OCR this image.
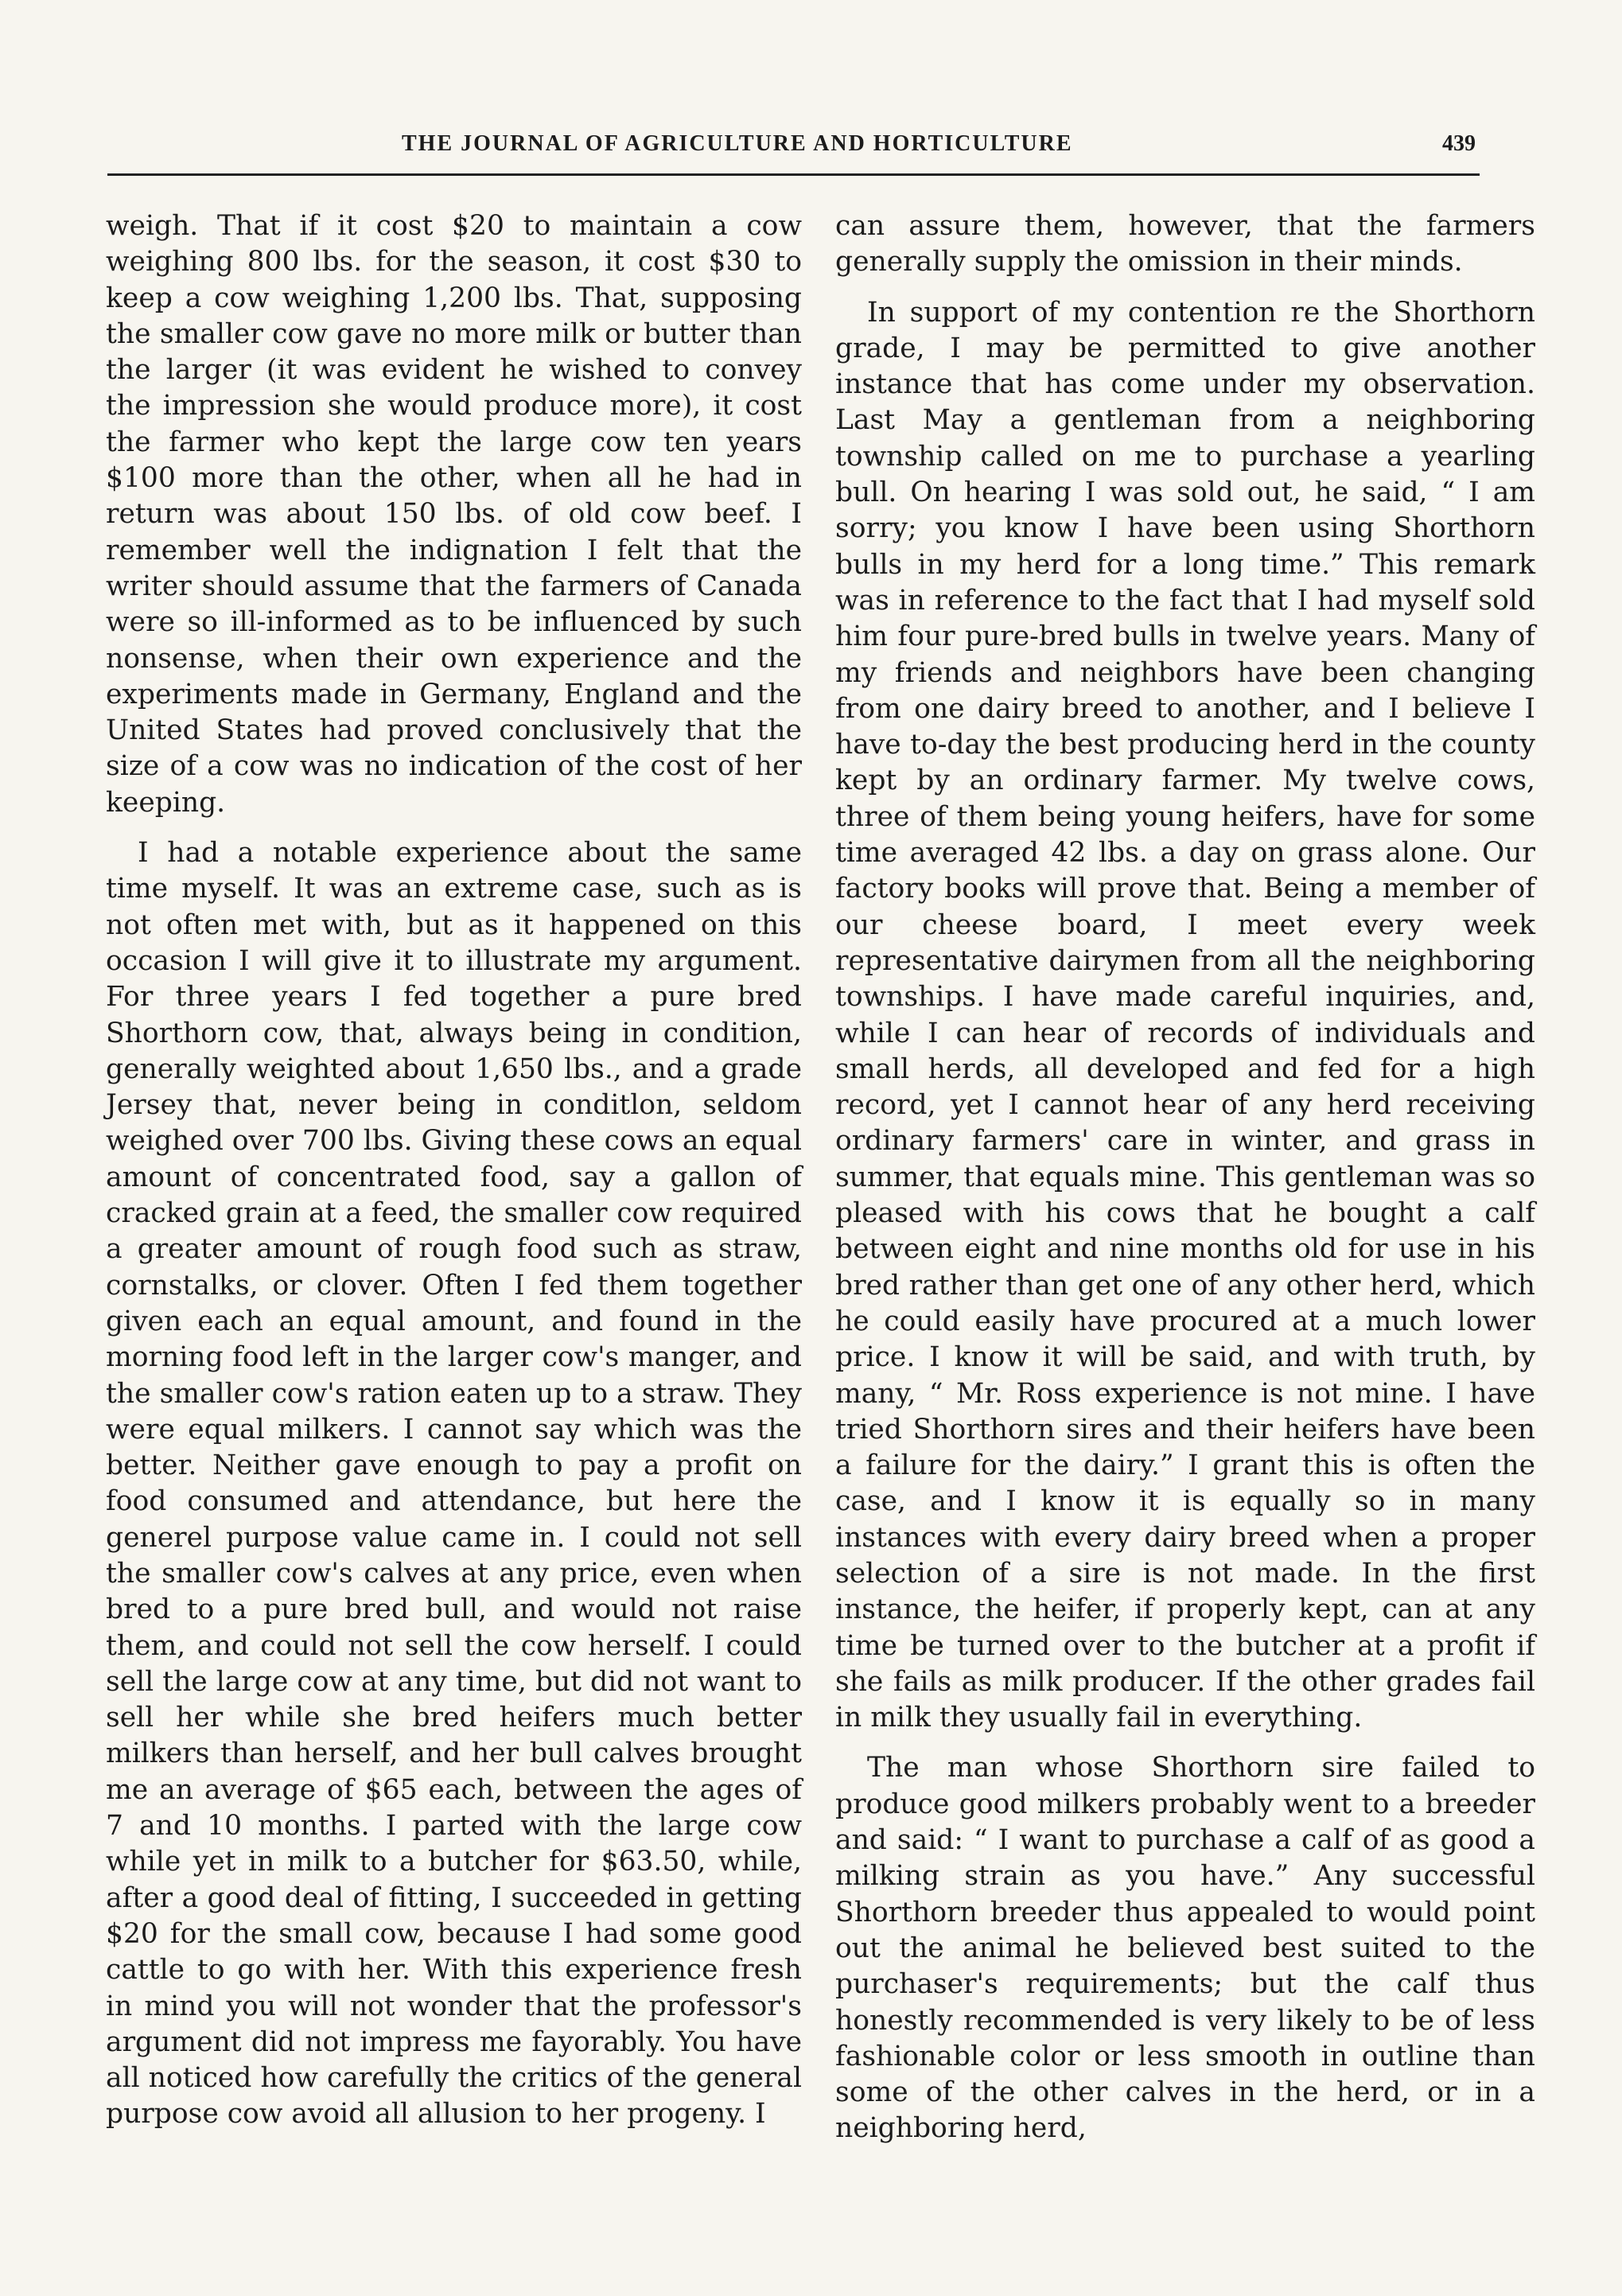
THE JOURNAL OF AGRICULTURE AND HORTICULTURE	439

weigh. That if it cost $20 to maintain a cow weighing 800 lbs. for the season, it cost $30 to keep a cow weighing 1,200 lbs. That, supposing the smaller cow gave no more milk or butter than the larger (it was evident he wished to convey the impression she would produce more), it cost the farmer who kept the large cow ten years $100 more than the other, when all he had in return was about 150 lbs. of old cow beef. I remember well the indignation I felt that the writer should assume that the farmers of Canada were so ill-informed as to be influenced by such nonsense, when their own experience and the experiments made in Germany, England and the United States had proved conclusively that the size of a cow was no indication of the cost of her keeping.

I had a notable experience about the same time myself. It was an extreme case, such as is not often met with, but as it happened on this occasion I will give it to illustrate my argument. For three years I fed together a pure bred Shorthorn cow, that, always being in condition, generally weighted about 1,650 lbs., and a grade Jersey that, never being in conditlon, seldom weighed over 700 lbs. Giving these cows an equal amount of concentrated food, say a gallon of cracked grain at a feed, the smaller cow required a greater amount of rough food such as straw, cornstalks, or clover. Often I fed them together given each an equal amount, and found in the morning food left in the larger cow's manger, and the smaller cow's ration eaten up to a straw. They were equal milkers. I cannot say which was the better. Neither gave enough to pay a profit on food consumed and attendance, but here the generel purpose value came in. I could not sell the smaller cow's calves at any price, even when bred to a pure bred bull, and would not raise them, and could not sell the cow herself. I could sell the large cow at any time, but did not want to sell her while she bred heifers much better milkers than herself, and her bull calves brought me an average of $65 each, between the ages of 7 and 10 months. I parted with the large cow while yet in milk to a butcher for $63.50, while, after a good deal of fitting, I succeeded in getting $20 for the small cow, because I had some good cattle to go with her. With this experience fresh in mind you will not wonder that the professor's argument did not impress me fayorably. You have all noticed how carefully the critics of the general purpose cow avoid all allusion to her progeny. I

can assure them, however, that the farmers generally supply the omission in their minds.

In support of my contention re the Shorthorn grade, I may be permitted to give another instance that has come under my observation. Last May a gentleman from a neighboring township called on me to purchase a yearling bull. On hearing I was sold out, he said, “ I am sorry; you know I have been using Shorthorn bulls in my herd for a long time.” This remark was in reference to the fact that I had myself sold him four pure-bred bulls in twelve years. Many of my friends and neighbors have been changing from one dairy breed to another, and I believe I have to-day the best producing herd in the county kept by an ordinary farmer. My twelve cows, three of them being young heifers, have for some time averaged 42 lbs. a day on grass alone. Our factory books will prove that. Being a member of our cheese board, I meet every week representative dairymen from all the neighboring townships. I have made careful inquiries, and, while I can hear of records of individuals and small herds, all developed and fed for a high record, yet I cannot hear of any herd receiving ordinary farmers' care in winter, and grass in summer, that equals mine. This gentleman was so pleased with his cows that he bought a calf between eight and nine months old for use in his bred rather than get one of any other herd, which he could easily have procured at a much lower price. I know it will be said, and with truth, by many, “ Mr. Ross experience is not mine. I have tried Shorthorn sires and their heifers have been a failure for the dairy.” I grant this is often the case, and I know it is equally so in many instances with every dairy breed when a proper selection of a sire is not made. In the first instance, the heifer, if properly kept, can at any time be turned over to the butcher at a profit if she fails as milk producer. If the other grades fail in milk they usually fail in everything.

The man whose Shorthorn sire failed to produce good milkers probably went to a breeder and said: “ I want to purchase a calf of as good a milking strain as you have.” Any successful Shorthorn breeder thus appealed to would point out the animal he believed best suited to the purchaser's requirements; but the calf thus honestly recommended is very likely to be of less fashionable color or less smooth in outline than some of the other calves in the herd, or in a neighboring herd,
